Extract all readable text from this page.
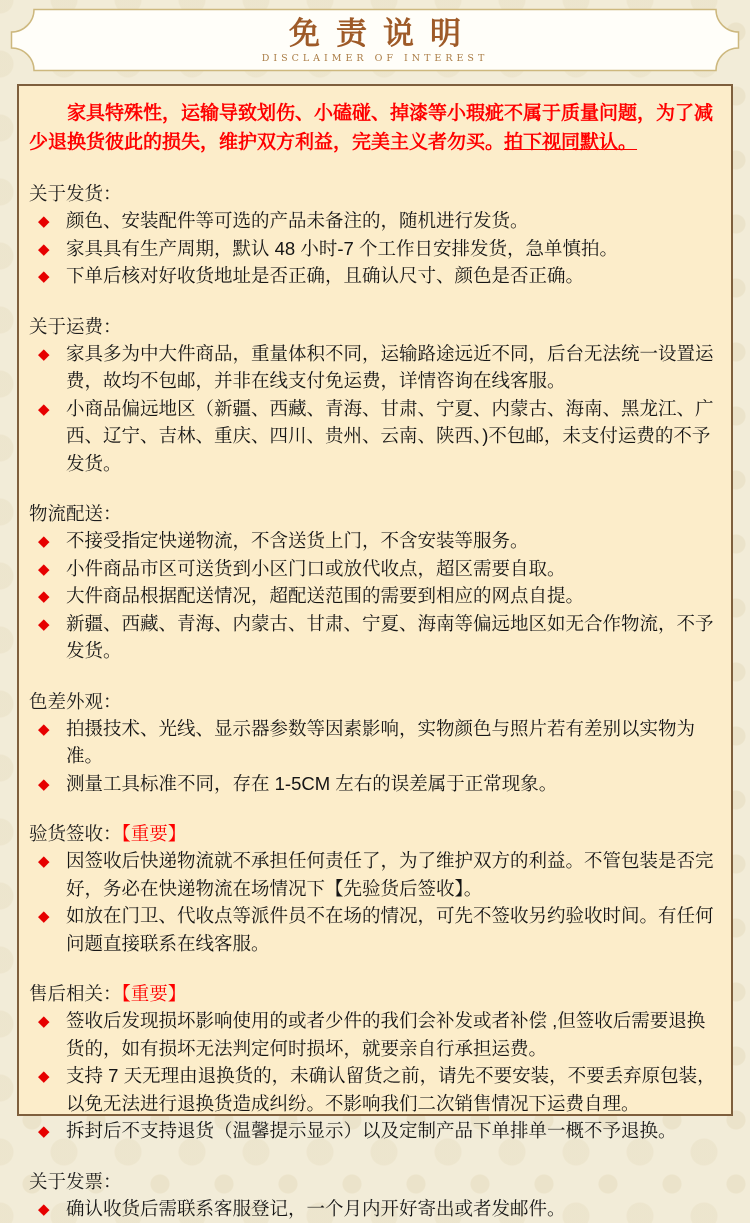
免责说明
DISCLAIMER OF INTEREST

家具特殊性，运输导致划伤、小磕碰、掉漆等小瑕疵不属于质量问题，为了减少退换货彼此的损失，维护双方利益，完美主义者勿买。拍下视同默认。

关于发货：
◆ 颜色、安装配件等可选的产品未备注的，随机进行发货。
◆ 家具具有生产周期，默认 48 小时-7 个工作日安排发货，急单慎拍。
◆ 下单后核对好收货地址是否正确，且确认尺寸、颜色是否正确。
关于运费：
◆ 家具多为中大件商品，重量体积不同，运输路途远近不同，后台无法统一设置运费，故均不包邮，并非在线支付免运费，详情咨询在线客服。
◆ 小商品偏远地区（新疆、西藏、青海、甘肃、宁夏、内蒙古、海南、黑龙江、广西、辽宁、吉林、重庆、四川、贵州、云南、陕西、)不包邮，未支付运费的不予发货。
物流配送：
◆ 不接受指定快递物流，不含送货上门，不含安装等服务。
◆ 小件商品市区可送货到小区门口或放代收点，超区需要自取。
◆ 大件商品根据配送情况，超配送范围的需要到相应的网点自提。
◆ 新疆、西藏、青海、内蒙古、甘肃、宁夏、海南等偏远地区如无合作物流，不予发货。
色差外观：
◆ 拍摄技术、光线、显示器参数等因素影响，实物颜色与照片若有差别以实物为准。
◆ 测量工具标准不同，存在 1-5CM 左右的误差属于正常现象。
验货签收：【重要】
◆ 因签收后快递物流就不承担任何责任了，为了维护双方的利益。不管包装是否完好，务必在快递物流在场情况下【先验货后签收】。
◆ 如放在门卫、代收点等派件员不在场的情况，可先不签收另约验收时间。有任何问题直接联系在线客服。
售后相关：【重要】
◆ 签收后发现损坏影响使用的或者少件的我们会补发或者补偿 ,但签收后需要退换货的，如有损坏无法判定何时损坏，就要亲自行承担运费。
◆ 支持 7 天无理由退换货的，未确认留货之前，请先不要安装，不要丢弃原包装，以免无法进行退换货造成纠纷。不影响我们二次销售情况下运费自理。
◆ 拆封后不支持退货（温馨提示显示）以及定制产品下单排单一概不予退换。
关于发票：
◆ 确认收货后需联系客服登记，一个月内开好寄出或者发邮件。
